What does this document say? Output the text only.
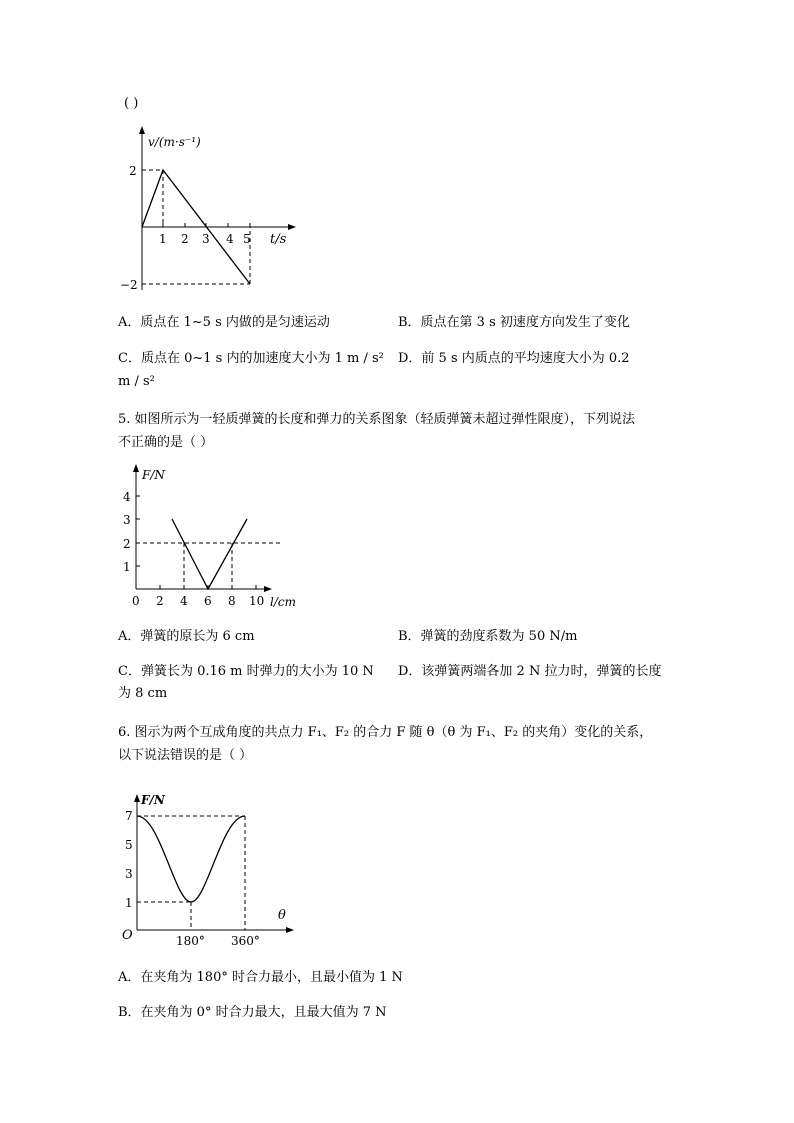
( )
v/(m·s⁻¹)
2
−2
1 2 3 4 5 t/s
A．质点在 1~5 s 内做的是匀速运动	B．质点在第 3 s 初速度方向发生了变化
C．质点在 0~1 s 内的加速度大小为 1 m / s² D．前 5 s 内质点的平均速度大小为 0.2
m / s²
5. 如图所示为一轻质弹簧的长度和弹力的关系图象（轻质弹簧未超过弹性限度），下列说法
不正确的是（ ）
F/N
4
3
2
1
0 2 4 6 8 10 l/cm
A．弹簧的原长为 6 cm	B．弹簧的劲度系数为 50 N/m
C．弹簧长为 0.16 m 时弹力的大小为 10 N D．该弹簧两端各加 2 N 拉力时，弹簧的长度
为 8 cm
6. 图示为两个互成角度的共点力 F₁、F₂ 的合力 F 随 θ（θ 为 F₁、F₂ 的夹角）变化的关系，
以下说法错误的是（ ）
F/N
7
5
3
1
O
θ
180° 360°
A．在夹角为 180° 时合力最小，且最小值为 1 N
B．在夹角为 0° 时合力最大，且最大值为 7 N
